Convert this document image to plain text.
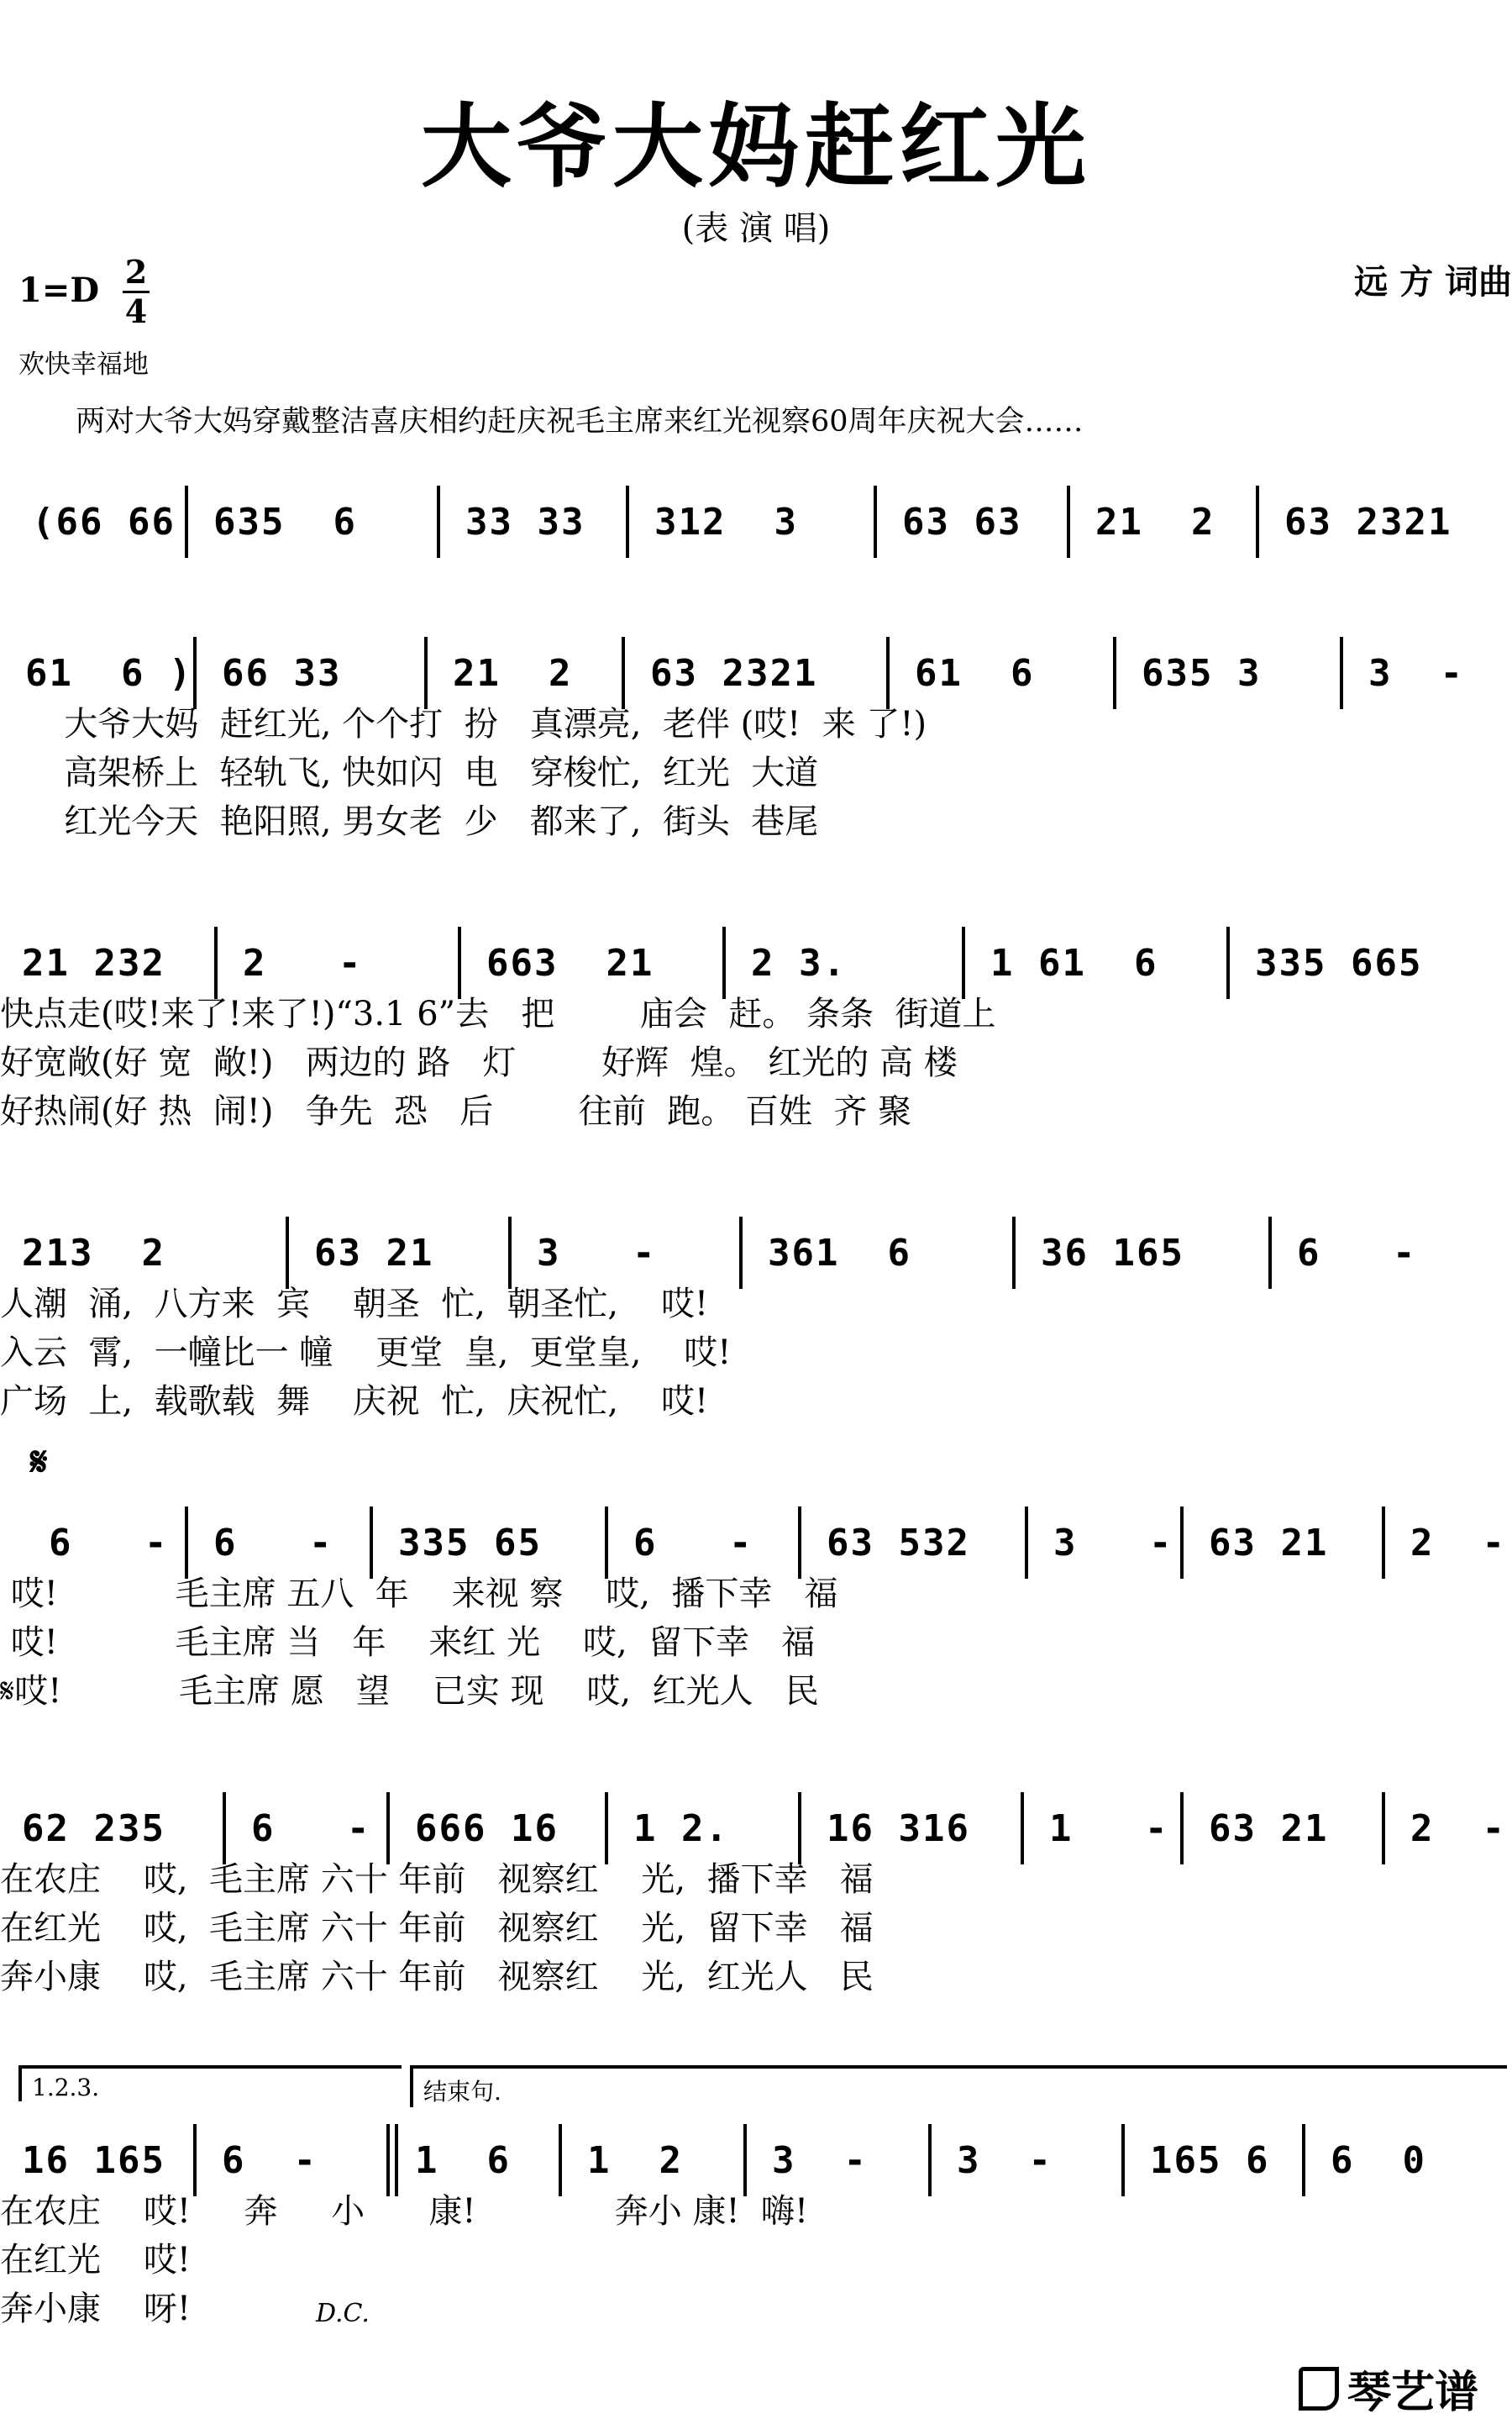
大爷大妈赶红光
(表 演 唱)
1=D 2
4
欢快幸福地
远 方 词曲
两对大爷大妈穿戴整洁喜庆相约赶庆祝毛主席来红光视察60周年庆祝大会……
(66 66 635  6	33 33 312  3	63 63 21  2 63 2321
61  6 ) 66 33	21  2 63 2321	61  6	635 3	3  -
大爷大妈  赶红光, 个个打  扮   真漂亮,  老伴 (哎!  来 了!)
高架桥上  轻轨飞, 快如闪  电   穿梭忙,  红光  大道
红光今天  艳阳照, 男女老  少   都来了,  街头  巷尾
21 232 2   -	663  21	2 3.	1 61  6	335 665
快点走(哎!来了!来了!)“3.1 6”去   把        庙会  赶。 条条  街道上
好宽敞(好 宽  敞!)   两边的 路   灯        好辉  煌。 红光的 高 楼
好热闹(好 热  闹!)   争先  恐   后        往前  跑。 百姓  齐 聚
213  2	63 21	3   -	361  6	36 165	6   -
人潮  涌,  八方来  宾    朝圣  忙,  朝圣忙,    哎!
入云  霄,  一幢比一 幢    更堂  皇,  更堂皇,    哎!
广场  上,  载歌载  舞    庆祝  忙,  庆祝忙,    哎!
6   - 6   - 335 65 6   - 63 532 3   - 63 21 2  -
哎!           毛主席 五八  年    来视 察    哎,  播下幸   福
哎!           毛主席 当   年    来红 光    哎,  留下幸   福
𝄋哎!           毛主席 愿   望    已实 现    哎,  红光人   民
62 235 6   - 666 16 1 2.	16 316 1   - 63 21 2  -
在农庄    哎,  毛主席 六十 年前   视察红    光,  播下幸   福
在红光    哎,  毛主席 六十 年前   视察红    光,  留下幸   福
奔小康    哎,  毛主席 六十 年前   视察红    光,  红光人   民
16 165 6  -	1  6 1  2 3  - 3  -	165 6 6  0
在农庄    哎!     奔     小      康!             奔小 康!  嗨!
在红光    哎!
奔小康    呀!
𝄋
1.2.3.	结束句.
D.C.
琴艺谱
